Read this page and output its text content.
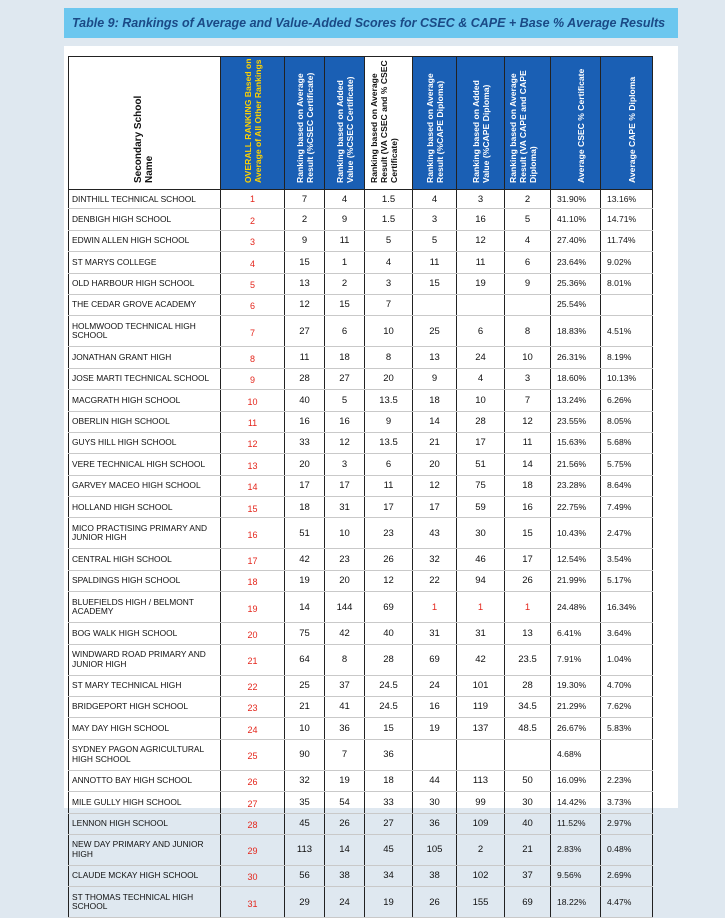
Table 9: Rankings of Average and Value-Added Scores for CSEC & CAPE + Base % Average Results
Secondary School Name	OVERALL RANKING Based on Average of All Other Rankings	Ranking based on Average Result (%CSEC Certificate)	Ranking based on Added Value (%CSEC Certificate)	Ranking based on Average Result (VA CSEC and % CSEC Certificate)	Ranking based on Average Result (%CAPE Diploma)	Ranking based on Added Value (%CAPE Diploma)	Ranking based on Average Result (VA CAPE and CAPE Diploma)	Average CSEC % Certificate	Average CAPE % Diploma

DINTHILL TECHNICAL SCHOOL	1	7	4	1.5	4	3	2	31.90%	13.16%
DENBIGH HIGH SCHOOL	2	2	9	1.5	3	16	5	41.10%	14.71%
EDWIN ALLEN HIGH SCHOOL	3	9	11	5	5	12	4	27.40%	11.74%
ST MARYS COLLEGE	4	15	1	4	11	11	6	23.64%	9.02%
OLD HARBOUR HIGH SCHOOL	5	13	2	3	15	19	9	25.36%	8.01%
THE CEDAR GROVE ACADEMY	6	12	15	7				25.54%	
HOLMWOOD TECHNICAL HIGH SCHOOL	7	27	6	10	25	6	8	18.83%	4.51%
JONATHAN GRANT HIGH	8	11	18	8	13	24	10	26.31%	8.19%
JOSE MARTI TECHNICAL SCHOOL	9	28	27	20	9	4	3	18.60%	10.13%
MACGRATH HIGH SCHOOL	10	40	5	13.5	18	10	7	13.24%	6.26%
OBERLIN HIGH SCHOOL	11	16	16	9	14	28	12	23.55%	8.05%
GUYS HILL HIGH SCHOOL	12	33	12	13.5	21	17	11	15.63%	5.68%
VERE TECHNICAL HIGH SCHOOL	13	20	3	6	20	51	14	21.56%	5.75%
GARVEY MACEO HIGH SCHOOL	14	17	17	11	12	75	18	23.28%	8.64%
HOLLAND HIGH SCHOOL	15	18	31	17	17	59	16	22.75%	7.49%
MICO PRACTISING PRIMARY AND JUNIOR HIGH	16	51	10	23	43	30	15	10.43%	2.47%
CENTRAL HIGH SCHOOL	17	42	23	26	32	46	17	12.54%	3.54%
SPALDINGS HIGH SCHOOL	18	19	20	12	22	94	26	21.99%	5.17%
BLUEFIELDS HIGH / BELMONT ACADEMY	19	14	144	69	1	1	1	24.48%	16.34%
BOG WALK HIGH SCHOOL	20	75	42	40	31	31	13	6.41%	3.64%
WINDWARD ROAD PRIMARY AND JUNIOR HIGH	21	64	8	28	69	42	23.5	7.91%	1.04%
ST MARY TECHNICAL HIGH	22	25	37	24.5	24	101	28	19.30%	4.70%
BRIDGEPORT HIGH SCHOOL	23	21	41	24.5	16	119	34.5	21.29%	7.62%
MAY DAY HIGH SCHOOL	24	10	36	15	19	137	48.5	26.67%	5.83%
SYDNEY PAGON AGRICULTURAL HIGH SCHOOL	25	90	7	36				4.68%	
ANNOTTO BAY HIGH SCHOOL	26	32	19	18	44	113	50	16.09%	2.23%
MILE GULLY HIGH SCHOOL	27	35	54	33	30	99	30	14.42%	3.73%
LENNON HIGH SCHOOL	28	45	26	27	36	109	40	11.52%	2.97%
NEW DAY PRIMARY AND JUNIOR HIGH	29	113	14	45	105	2	21	2.83%	0.48%
CLAUDE MCKAY HIGH SCHOOL	30	56	38	34	38	102	37	9.56%	2.69%
ST THOMAS TECHNICAL HIGH SCHOOL	31	29	24	19	26	155	69	18.22%	4.47%
